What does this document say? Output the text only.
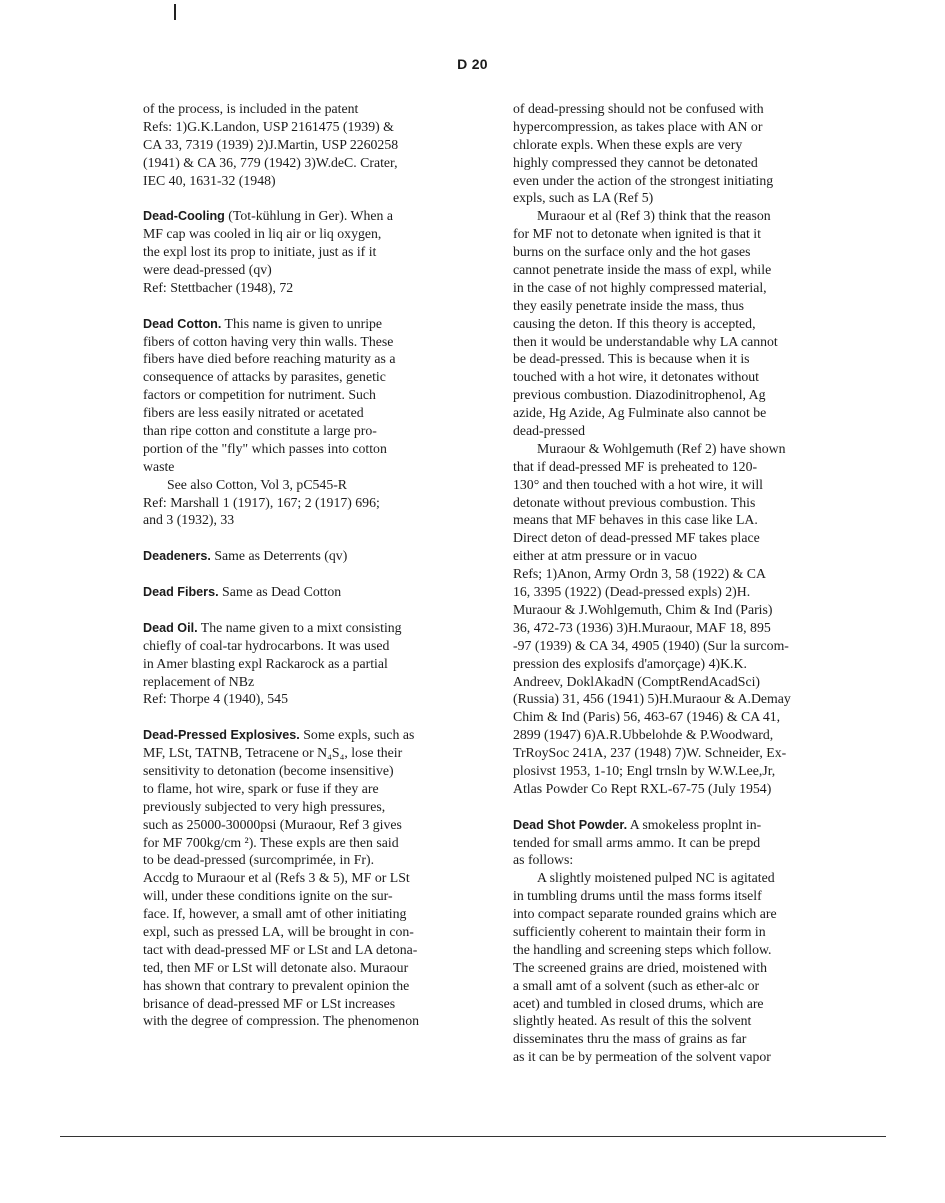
D 20
of the process, is included in the patent
Refs: 1)G.K.Landon, USP 2161475 (1939) &
CA 33, 7319 (1939) 2)J.Martin, USP 2260258
(1941) & CA 36, 779 (1942) 3)W.deC. Crater,
IEC 40, 1631-32 (1948)
Dead-Cooling (Tot-kühlung in Ger). When a
MF cap was cooled in liq air or liq oxygen,
the expl lost its prop to initiate, just as if it
were dead-pressed (qv)
Ref: Stettbacher (1948), 72
Dead Cotton. This name is given to unripe
fibers of cotton having very thin walls. These
fibers have died before reaching maturity as a
consequence of attacks by parasites, genetic
factors or competition for nutriment. Such
fibers are less easily nitrated or acetated
than ripe cotton and constitute a large pro-
portion of the "fly" which passes into cotton
waste
See also Cotton, Vol 3, pC545-R
Ref: Marshall 1 (1917), 167; 2 (1917) 696;
and 3 (1932), 33
Deadeners. Same as Deterrents (qv)
Dead Fibers. Same as Dead Cotton
Dead Oil. The name given to a mixt consisting
chiefly of coal-tar hydrocarbons. It was used
in Amer blasting expl Rackarock as a partial
replacement of NBz
Ref: Thorpe 4 (1940), 545
Dead-Pressed Explosives. Some expls, such as
MF, LSt, TATNB, Tetracene or N₄S₄, lose their
sensitivity to detonation (become insensitive)
to flame, hot wire, spark or fuse if they are
previously subjected to very high pressures,
such as 25000-30000psi (Muraour, Ref 3 gives
for MF 700kg/cm ²). These expls are then said
to be dead-pressed (surcomprimée, in Fr).
Accdg to Muraour et al (Refs 3 & 5), MF or LSt
will, under these conditions ignite on the sur-
face. If, however, a small amt of other initiating
expl, such as pressed LA, will be brought in con-
tact with dead-pressed MF or LSt and LA detona-
ted, then MF or LSt will detonate also. Muraour
has shown that contrary to prevalent opinion the
brisance of dead-pressed MF or LSt increases
with the degree of compression. The phenomenon
of dead-pressing should not be confused with
hypercompression, as takes place with AN or
chlorate expls. When these expls are very
highly compressed they cannot be detonated
even under the action of the strongest initiating
expls, such as LA (Ref 5)
Muraour et al (Ref 3) think that the reason
for MF not to detonate when ignited is that it
burns on the surface only and the hot gases
cannot penetrate inside the mass of expl, while
in the case of not highly compressed material,
they easily penetrate inside the mass, thus
causing the deton. If this theory is accepted,
then it would be understandable why LA cannot
be dead-pressed. This is because when it is
touched with a hot wire, it detonates without
previous combustion. Diazodinitrophenol, Ag
azide, Hg Azide, Ag Fulminate also cannot be
dead-pressed
Muraour & Wohlgemuth (Ref 2) have shown
that if dead-pressed MF is preheated to 120-
130° and then touched with a hot wire, it will
detonate without previous combustion. This
means that MF behaves in this case like LA.
Direct deton of dead-pressed MF takes place
either at atm pressure or in vacuo
Refs; 1)Anon, Army Ordn 3, 58 (1922) & CA
16, 3395 (1922) (Dead-pressed expls) 2)H.
Muraour & J.Wohlgemuth, Chim & Ind (Paris)
36, 472-73 (1936) 3)H.Muraour, MAF 18, 895
-97 (1939) & CA 34, 4905 (1940) (Sur la surcom-
pression des explosifs d'amorçage) 4)K.K.
Andreev, DoklAkadN (ComptRendAcadSci)
(Russia) 31, 456 (1941) 5)H.Muraour & A.Demay
Chim & Ind (Paris) 56, 463-67 (1946) & CA 41,
2899 (1947) 6)A.R.Ubbelohde & P.Woodward,
TrRoySoc 241A, 237 (1948) 7)W. Schneider, Ex-
plosivst 1953, 1-10; Engl trnsln by W.W.Lee,Jr,
Atlas Powder Co Rept RXL-67-75 (July 1954)
Dead Shot Powder. A smokeless proplnt in-
tended for small arms ammo. It can be prepd
as follows:
A slightly moistened pulped NC is agitated
in tumbling drums until the mass forms itself
into compact separate rounded grains which are
sufficiently coherent to maintain their form in
the handling and screening steps which follow.
The screened grains are dried, moistened with
a small amt of a solvent (such as ether-alc or
acet) and tumbled in closed drums, which are
slightly heated. As result of this the solvent
disseminates thru the mass of grains as far
as it can be by permeation of the solvent vapor
